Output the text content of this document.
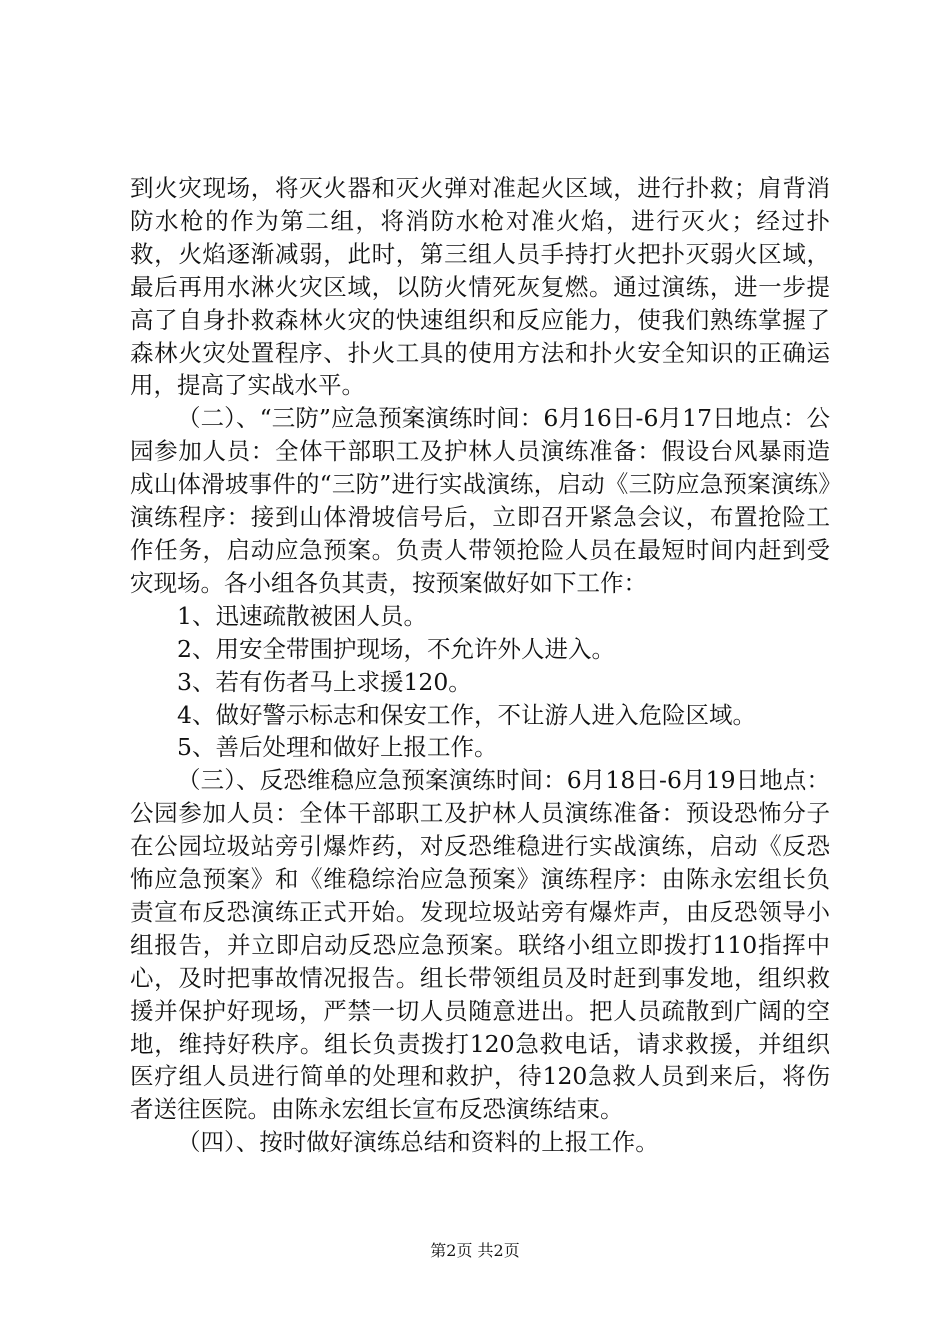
到火灾现场，将灭火器和灭火弹对准起火区域，进行扑救；肩背消防水枪的作为第二组，将消防水枪对准火焰，进行灭火；经过扑救，火焰逐渐减弱，此时，第三组人员手持打火把扑灭弱火区域，最后再用水淋火灾区域，以防火情死灰复燃。通过演练，进一步提高了自身扑救森林火灾的快速组织和反应能力，使我们熟练掌握了森林火灾处置程序、扑火工具的使用方法和扑火安全知识的正确运用，提高了实战水平。

（二）、“三防”应急预案演练时间：6月16日-6月17日地点：公园参加人员：全体干部职工及护林人员演练准备：假设台风暴雨造成山体滑坡事件的“三防”进行实战演练，启动《三防应急预案演练》演练程序：接到山体滑坡信号后，立即召开紧急会议，布置抢险工作任务，启动应急预案。负责人带领抢险人员在最短时间内赶到受灾现场。各小组各负其责，按预案做好如下工作：

1、迅速疏散被困人员。

2、用安全带围护现场，不允许外人进入。

3、若有伤者马上求援120。

4、做好警示标志和保安工作，不让游人进入危险区域。

5、善后处理和做好上报工作。

（三）、反恐维稳应急预案演练时间：6月18日-6月19日地点：公园参加人员：全体干部职工及护林人员演练准备：预设恐怖分子在公园垃圾站旁引爆炸药，对反恐维稳进行实战演练，启动《反恐怖应急预案》和《维稳综治应急预案》演练程序：由陈永宏组长负责宣布反恐演练正式开始。发现垃圾站旁有爆炸声，由反恐领导小组报告，并立即启动反恐应急预案。联络小组立即拨打110指挥中心，及时把事故情况报告。组长带领组员及时赶到事发地，组织救援并保护好现场，严禁一切人员随意进出。把人员疏散到广阔的空地，维持好秩序。组长负责拨打120急救电话，请求救援，并组织医疗组人员进行简单的处理和救护，待120急救人员到来后，将伤者送往医院。由陈永宏组长宣布反恐演练结束。

（四）、按时做好演练总结和资料的上报工作。

第2页 共2页
